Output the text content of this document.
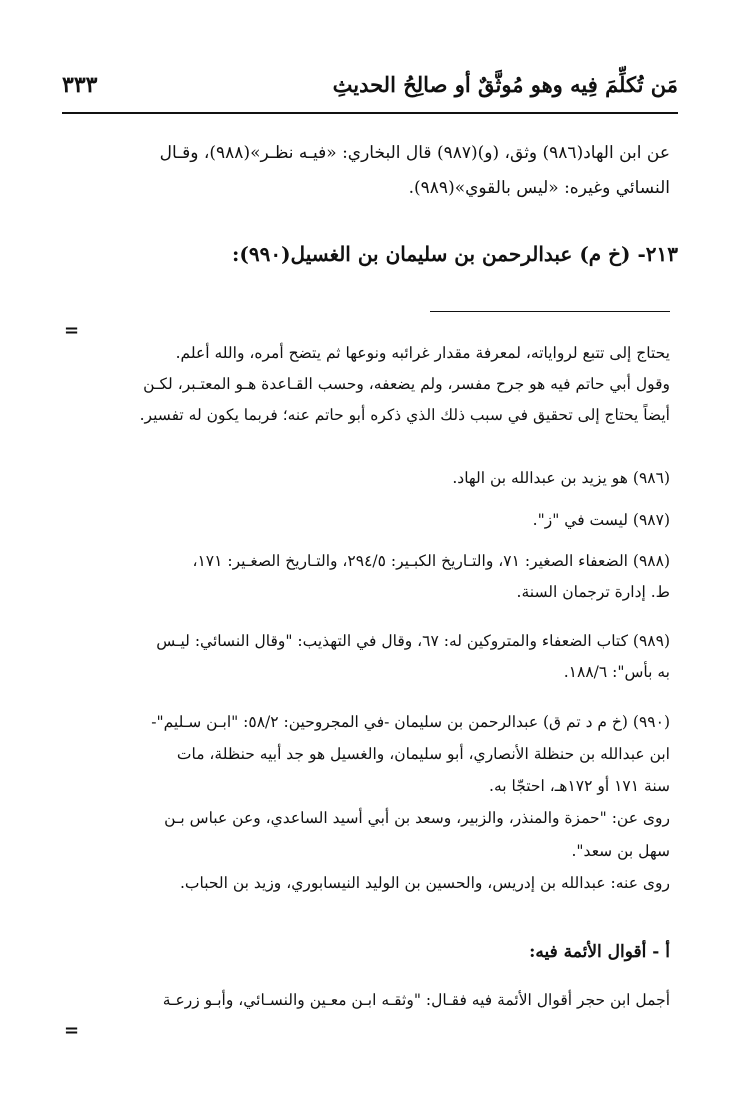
مَن تُكلِّمَ فِيه وهو مُوثَّقٌ أو صالِحُ الحديثِ
٣٣٣
عن ابن الهاد(٩٨٦) وثق، (و)(٩٨٧) قال البخاري: «فيـه نظـر»(٩٨٨)، وقـال
النسائي وغيره: «ليس بالقوي»(٩٨٩).
٢١٣- (خ م) عبدالرحمن بن سليمان بن الغسيل(٩٩٠):
=
يحتاج إلى تتبع لرواياته، لمعرفة مقدار غرائبه ونوعها ثم يتضح أمره، والله أعلم.
وقول أبي حاتم فيه هو جرح مفسر، ولم يضعفه، وحسب القـاعدة هـو المعتـبر، لكـن
أيضاً يحتاج إلى تحقيق في سبب ذلك الذي ذكره أبو حاتم عنه؛ فربما يكون له تفسير.
(٩٨٦) هو يزيد بن عبدالله بن الهاد.
(٩٨٧) ليست في "ز".
(٩٨٨) الضعفاء الصغير: ٧١، والتـاريخ الكبـير: ٢٩٤/٥، والتـاريخ الصغـير: ١٧١،
ط. إدارة ترجمان السنة.
(٩٨٩) كتاب الضعفاء والمتروكين له: ٦٧، وقال في التهذيب: "وقال النسائي: ليـس
به بأس": ١٨٨/٦.
(٩٩٠) (خ م د تم ق) عبدالرحمن بن سليمان -في المجروحين: ٥٨/٢: "ابـن سـليم"-
ابن عبدالله بن حنظلة الأنصاري، أبو سليمان، والغسيل هو جد أبيه حنظلة، مات
سنة ١٧١ أو ١٧٢هـ، احتجّا به.
روى عن: "حمزة والمنذر، والزبير، وسعد بن أبي أسيد الساعدي، وعن عباس بـن
سهل بن سعد".
روى عنه: عبدالله بن إدريس، والحسين بن الوليد النيسابوري، وزيد بن الحباب.
أ - أقوال الأئمة فيه:
أجمل ابن حجر أقوال الأئمة فيه فقـال: "وثقـه ابـن معـين والنسـائي، وأبـو زرعـة
=
